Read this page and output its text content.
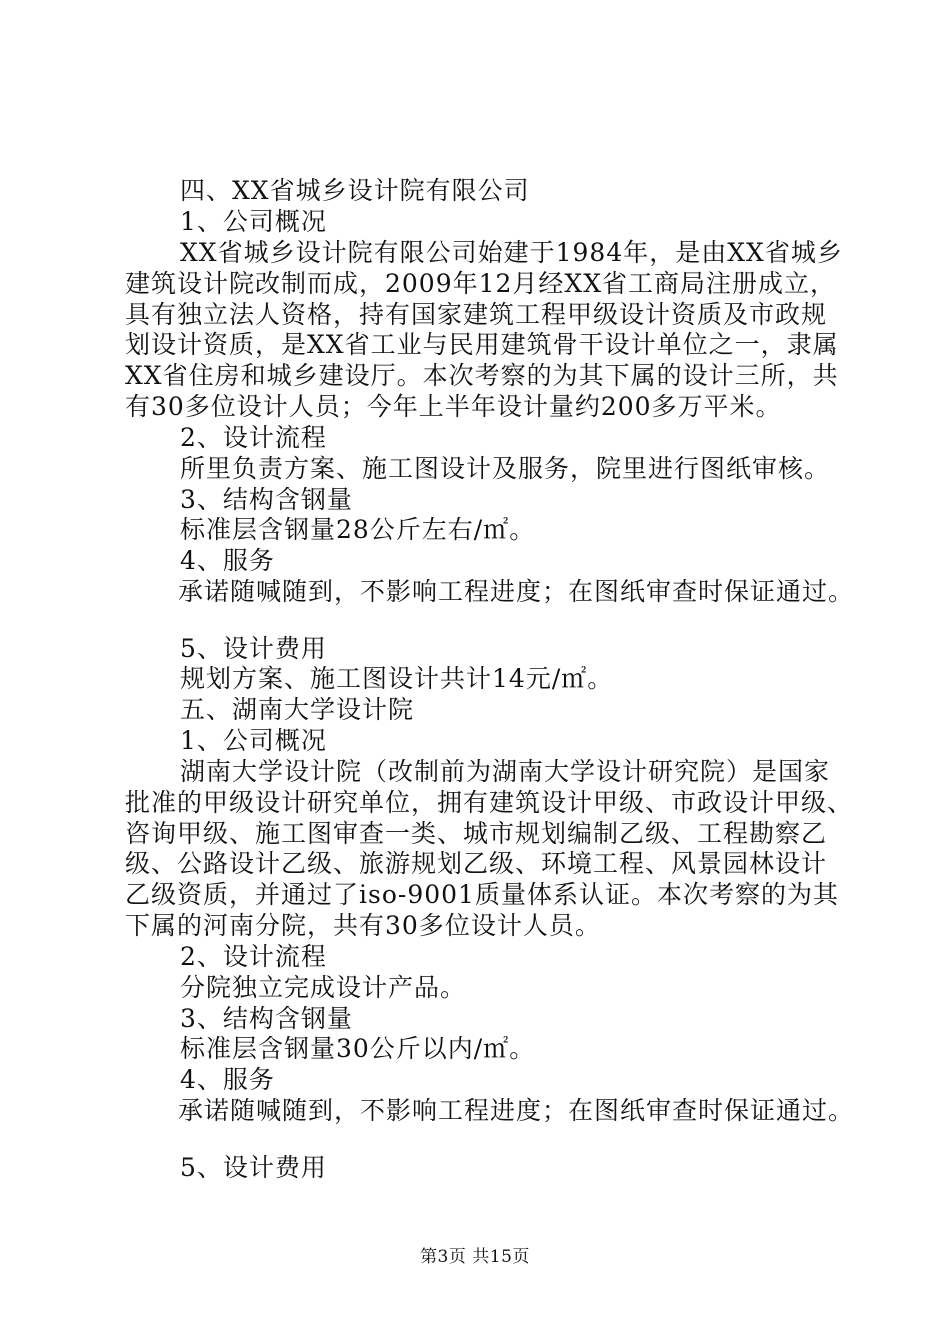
四、XX省城乡设计院有限公司
1、公司概况
XX省城乡设计院有限公司始建于1984年，是由XX省城乡
建筑设计院改制而成，2009年12月经XX省工商局注册成立，
具有独立法人资格，持有国家建筑工程甲级设计资质及市政规
划设计资质，是XX省工业与民用建筑骨干设计单位之一，隶属
XX省住房和城乡建设厅。本次考察的为其下属的设计三所，共
有30多位设计人员；今年上半年设计量约200多万平米。
2、设计流程
所里负责方案、施工图设计及服务，院里进行图纸审核。
3、结构含钢量
标准层含钢量28公斤左右/㎡。
4、服务
承诺随喊随到，不影响工程进度；在图纸审查时保证通过。
5、设计费用
规划方案、施工图设计共计14元/㎡。
五、湖南大学设计院
1、公司概况
湖南大学设计院（改制前为湖南大学设计研究院）是国家
批准的甲级设计研究单位，拥有建筑设计甲级、市政设计甲级、
咨询甲级、施工图审查一类、城市规划编制乙级、工程勘察乙
级、公路设计乙级、旅游规划乙级、环境工程、风景园林设计
乙级资质，并通过了iso-9001质量体系认证。本次考察的为其
下属的河南分院，共有30多位设计人员。
2、设计流程
分院独立完成设计产品。
3、结构含钢量
标准层含钢量30公斤以内/㎡。
4、服务
承诺随喊随到，不影响工程进度；在图纸审查时保证通过。
5、设计费用
第3页 共15页
